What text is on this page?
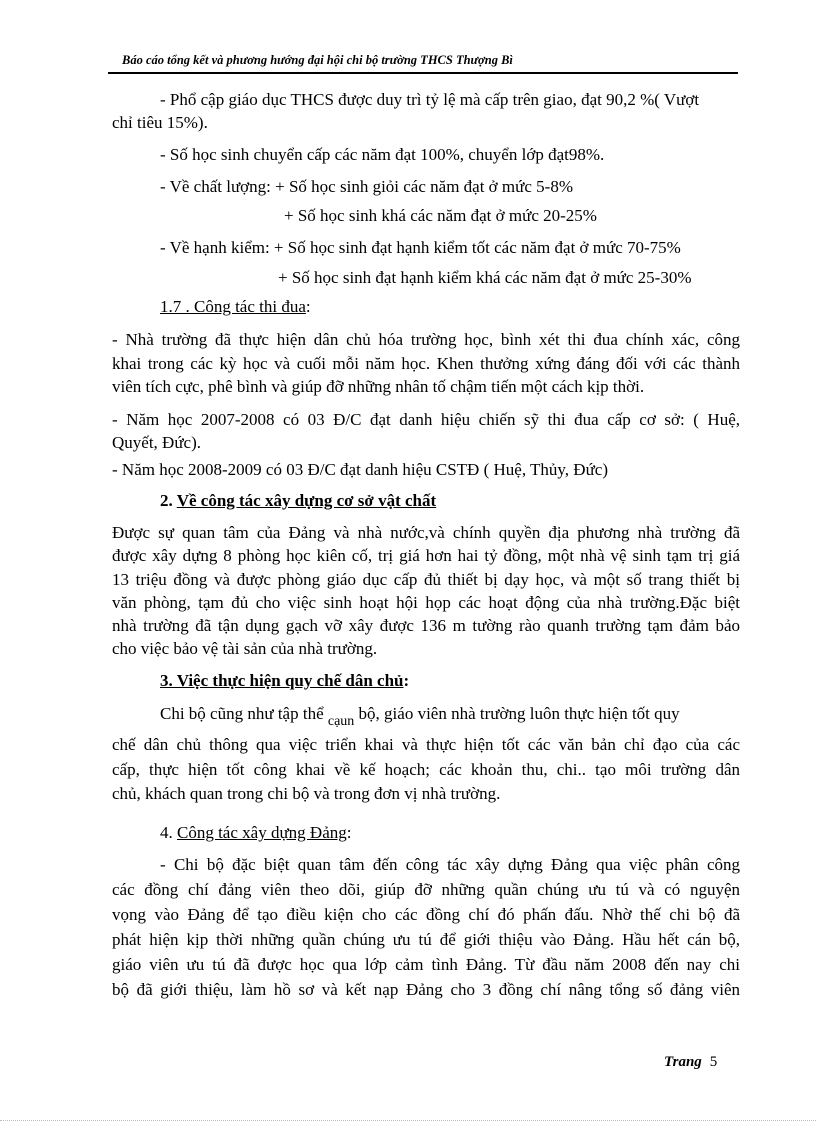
Báo cáo tổng kết và phương hướng đại hội chi bộ trường THCS Thượng Bì
- Phổ cập giáo dục THCS được duy trì tỷ lệ mà cấp trên giao, đạt 90,2 %( Vượt
chỉ tiêu 15%).
- Số học sinh chuyển cấp các năm đạt 100%, chuyển lớp đạt98%.
- Về chất lượng: + Số học sinh giỏi các năm đạt ở mức 5-8%
+ Số học sinh khá các năm đạt ở mức 20-25%
- Về hạnh kiểm: + Số học sinh đạt hạnh kiểm tốt các năm đạt ở mức 70-75%
+ Số học sinh đạt hạnh kiểm khá các năm đạt ở mức 25-30%
1.7 . Công tác thi đua:
- Nhà trường đã thực hiện dân chủ hóa trường học, bình xét thi đua chính xác, công
khai trong các kỳ học và cuối mỗi năm học. Khen thưởng xứng đáng đối với các thành
viên tích cực, phê bình và giúp đỡ những nhân tố chậm tiến một cách kịp thời.
- Năm học 2007-2008 có 03 Đ/C đạt danh hiệu chiến sỹ thi đua cấp cơ sở: ( Huệ,
Quyết, Đức).
- Năm học 2008-2009 có 03 Đ/C đạt danh hiệu CSTĐ ( Huệ, Thủy, Đức)
2. Về công tác xây dựng cơ sở vật chất
Được sự quan tâm của Đảng và nhà nước,và chính quyền địa phương nhà trường đã
được xây dựng 8 phòng học kiên cố, trị giá hơn hai tỷ đồng, một nhà vệ sinh tạm trị giá
13 triệu đồng và được phòng giáo dục cấp đủ thiết bị dạy học, và một số trang thiết bị
văn phòng, tạm đủ cho việc sinh hoạt hội họp các hoạt động của nhà trường.Đặc biệt
nhà trường đã tận dụng gạch vỡ xây được 136 m tường rào quanh trường tạm đảm bảo
cho việc bảo vệ tài sản của nhà trường.
3. Việc thực hiện quy chế dân chủ:
Chi bộ cũng như tập thể $_{cạun}$ bộ, giáo viên nhà trường luôn thực hiện tốt quy
chế dân chủ thông qua việc triển khai và thực hiện tốt các văn bản chỉ đạo của các
cấp, thực hiện tốt công khai về kế hoạch; các khoản thu, chi.. tạo môi trường dân
chủ, khách quan trong chi bộ và trong đơn vị nhà trường.
4. Công tác xây dựng Đảng:
- Chi bộ đặc biệt quan tâm đến công tác xây dựng Đảng qua việc phân công
các đồng chí đảng viên theo dõi, giúp đỡ những quần chúng ưu tú và có nguyện
vọng vào Đảng để tạo điều kiện cho các đồng chí đó phấn đấu. Nhờ thế chi bộ đã
phát hiện kịp thời những quần chúng ưu tú để giới thiệu vào Đảng. Hầu hết cán bộ,
giáo viên ưu tú đã được học qua lớp cảm tình Đảng. Từ đầu năm 2008 đến nay chi
bộ đã giới thiệu, làm hồ sơ và kết nạp Đảng cho 3 đồng chí nâng tổng số đảng viên
Trang 5
